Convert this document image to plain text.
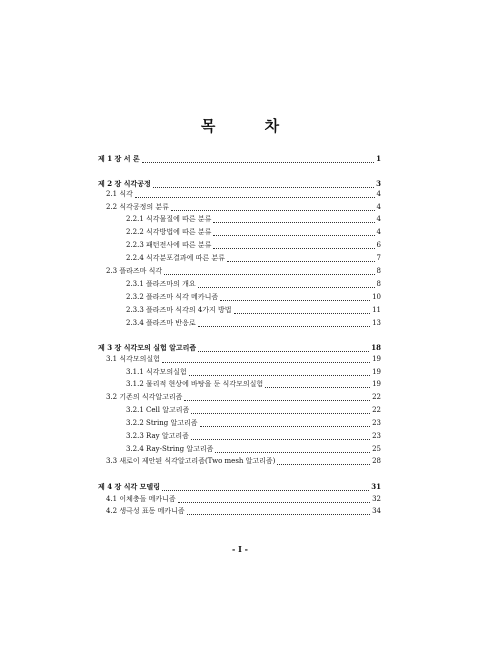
목 차
제 1 장 서 론	1
제 2 장 식각공정	3
2.1 식각	4
2.2 식각공정의 분류	4
2.2.1 식각물질에 따른 분류	4
2.2.2 식각방법에 따른 분류	4
2.2.3 패턴전사에 따른 분류	6
2.2.4 식각분포결과에 따른 분류	7
2.3 플라즈마 식각	8
2.3.1 플라즈마의 개요	8
2.3.2 플라즈마 식각 메카니즘	10
2.3.3 플라즈마 식각의 4가지 방법	11
2.3.4 플라즈마 반응로	13
제 3 장 식각모의 실험 알고리즘	18
3.1 식각모의실험	19
3.1.1 식각모의실험	19
3.1.2 물리적 현상에 바탕을 둔 식각모의실험	19
3.2 기존의 식각알고리즘	22
3.2.1 Cell 알고리즘	22
3.2.2 String 알고리즘	23
3.2.3 Ray 알고리즘	23
3.2.4 Ray-String 알고리즘	25
3.3 새로이 제안된 식각알고리즘(Two mesh 알고리즘)	28
제 4 장 식각 모델링	31
4.1 이체충돌 메카니즘	32
4.2 생극성 표동 메카니즘	34
- I -
